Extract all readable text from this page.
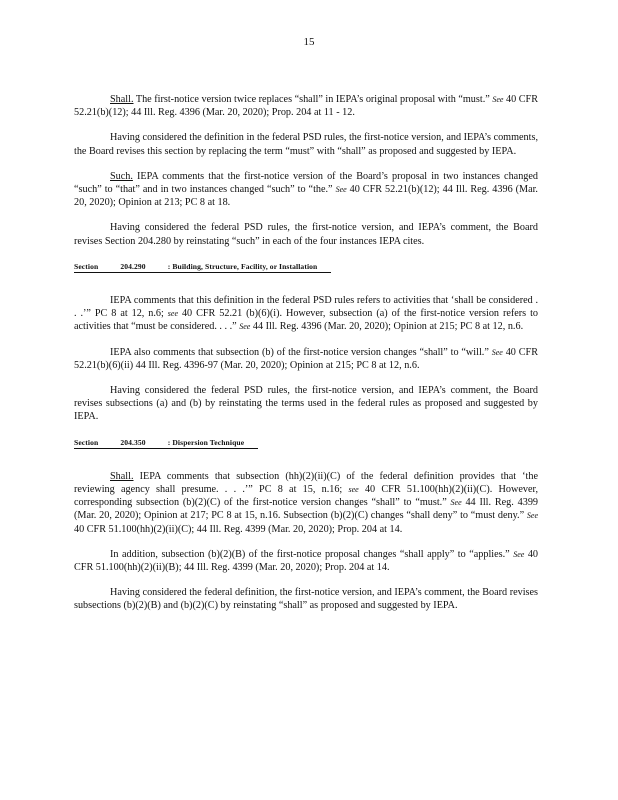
15

Shall. The first-notice version twice replaces “shall” in IEPA’s original proposal with “must.” See 40 CFR 52.21(b)(12); 44 Ill. Reg. 4396 (Mar. 20, 2020); Prop. 204 at 11 - 12.

Having considered the definition in the federal PSD rules, the first-notice version, and IEPA’s comments, the Board revises this section by replacing the term “must” with “shall” as proposed and suggested by IEPA.

Such. IEPA comments that the first-notice version of the Board’s proposal in two instances changed “such” to “that” and in two instances changed “such” to “the.” See 40 CFR 52.21(b)(12); 44 Ill. Reg. 4396 (Mar. 20, 2020); Opinion at 213; PC 8 at 18.

Having considered the federal PSD rules, the first-notice version, and IEPA’s comment, the Board revises Section 204.280 by reinstating “such” in each of the four instances IEPA cites.

Section	204.290	: Building, Structure, Facility, or Installation

IEPA comments that this definition in the federal PSD rules refers to activities that ‘shall be considered . . .’” PC 8 at 12, n.6; see 40 CFR 52.21 (b)(6)(i). However, subsection (a) of the first-notice version refers to activities that “must be considered. . . .” See 44 Ill. Reg. 4396 (Mar. 20, 2020); Opinion at 215; PC 8 at 12, n.6.

IEPA also comments that subsection (b) of the first-notice version changes “shall” to “will.” See 40 CFR 52.21(b)(6)(ii) 44 Ill. Reg. 4396-97 (Mar. 20, 2020); Opinion at 215; PC 8 at 12, n.6.

Having considered the federal PSD rules, the first-notice version, and IEPA’s comment, the Board revises subsections (a) and (b) by reinstating the terms used in the federal rules as proposed and suggested by IEPA.

Section	204.350	: Dispersion Technique

Shall. IEPA comments that subsection (hh)(2)(ii)(C) of the federal definition provides that ‘the reviewing agency shall presume. . . .’” PC 8 at 15, n.16; see 40 CFR 51.100(hh)(2)(ii)(C). However, corresponding subsection (b)(2)(C) of the first-notice version changes “shall” to “must.” See 44 Ill. Reg. 4399 (Mar. 20, 2020); Opinion at 217; PC 8 at 15, n.16. Subsection (b)(2)(C) changes “shall deny” to “must deny.” See 40 CFR 51.100(hh)(2)(ii)(C); 44 Ill. Reg. 4399 (Mar. 20, 2020); Prop. 204 at 14.

In addition, subsection (b)(2)(B) of the first-notice proposal changes “shall apply” to “applies.” See 40 CFR 51.100(hh)(2)(ii)(B); 44 Ill. Reg. 4399 (Mar. 20, 2020); Prop. 204 at 14.

Having considered the federal definition, the first-notice version, and IEPA’s comment, the Board revises subsections (b)(2)(B) and (b)(2)(C) by reinstating “shall” as proposed and suggested by IEPA.
